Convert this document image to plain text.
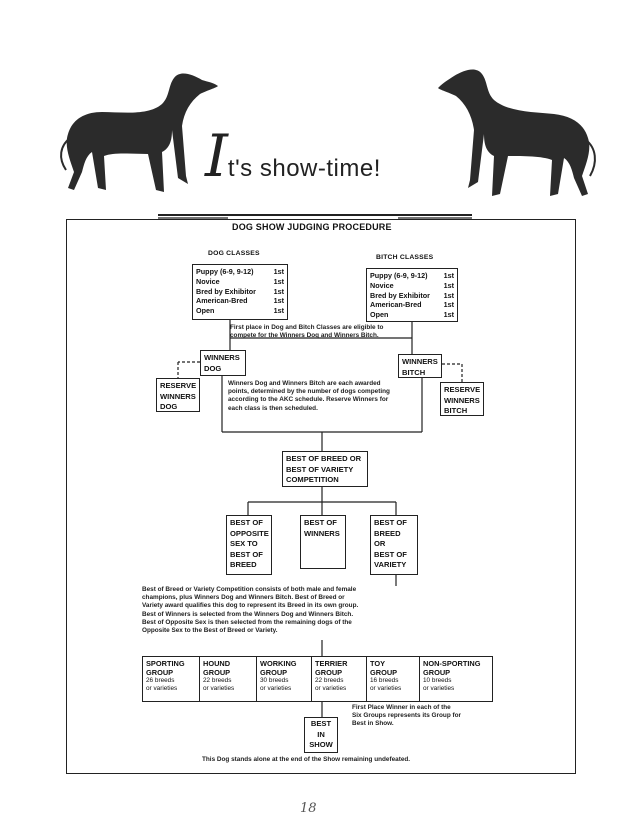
It's show-time!
DOG SHOW JUDGING PROCEDURE
DOG CLASSES
Puppy (6-9, 9-12)	1st
Novice	1st
Bred by Exhibitor 1st
American-Bred	1st
Open	1st
BITCH CLASSES
Puppy (6-9, 9-12) 1st
Novice	1st
Bred by Exhibitor 1st
American-Bred	1st
Open	1st
First place in Dog and Bitch Classes are eligible to
compete for the Winners Dog and Winners Bitch.
WINNERS
DOG
WINNERS
BITCH
RESERVE
WINNERS
DOG
RESERVE
WINNERS
BITCH
Winners Dog and Winners Bitch are each awarded
points, determined by the number of dogs competing
according to the AKC schedule. Reserve Winners for
each class is then scheduled.
BEST OF BREED OR
BEST OF VARIETY
COMPETITION
BEST OF
OPPOSITE
SEX TO
BEST OF
BREED
BEST OF
WINNERS
BEST OF
BREED OR
BEST OF
VARIETY
Best of Breed or Variety Competition consists of both male and female
champions, plus Winners Dog and Winners Bitch. Best of Breed or
Variety award qualifies this dog to represent its Breed in its own group.
Best of Winners is selected from the Winners Dog and Winners Bitch.
Best of Opposite Sex is then selected from the remaining dogs of the
Opposite Sex to the Best of Breed or Variety.
SPORTING
GROUP
26 breeds
or varieties
HOUND
GROUP
22 breeds
or varieties
WORKING
GROUP
30 breeds
or varieties
TERRIER
GROUP
22 breeds
or varieties
TOY
GROUP
16 breeds
or varieties
NON-SPORTING
GROUP
10 breeds
or varieties
BEST
IN
SHOW
First Place Winner in each of the
Six Groups represents its Group for
Best in Show.
This Dog stands alone at the end of the Show remaining undefeated.
18
